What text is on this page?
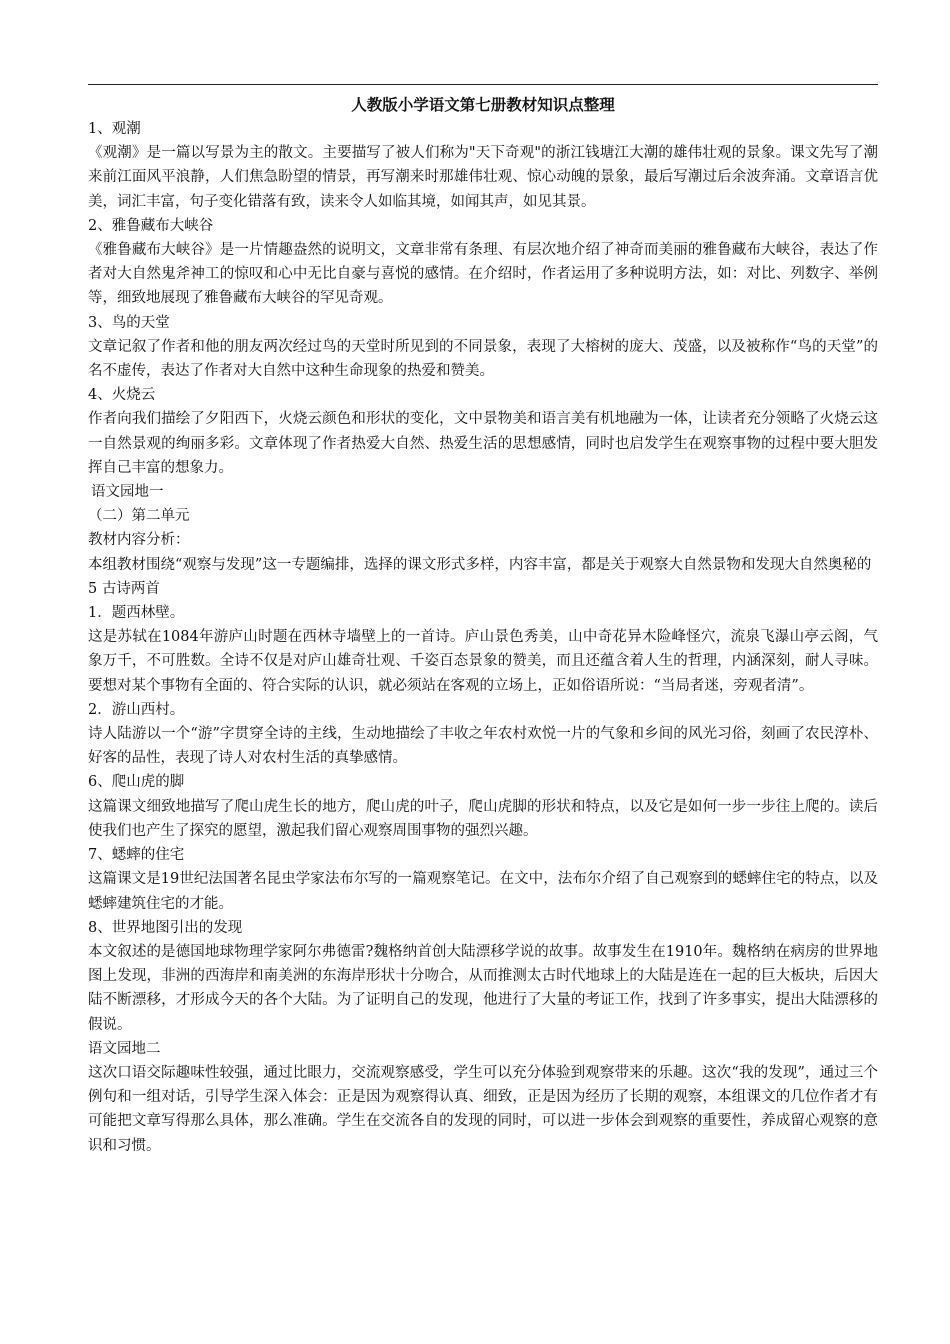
人教版小学语文第七册教材知识点整理
1、观潮
《观潮》是一篇以写景为主的散文。主要描写了被人们称为"天下奇观"的浙江钱塘江大潮的雄伟壮观的景象。课文先写了潮来前江面风平浪静，人们焦急盼望的情景，再写潮来时那雄伟壮观、惊心动魄的景象，最后写潮过后余波奔涌。文章语言优美，词汇丰富，句子变化错落有致，读来令人如临其境，如闻其声，如见其景。
2、雅鲁藏布大峡谷
《雅鲁藏布大峡谷》是一片情趣盎然的说明文，文章非常有条理、有层次地介绍了神奇而美丽的雅鲁藏布大峡谷，表达了作者对大自然鬼斧神工的惊叹和心中无比自豪与喜悦的感情。在介绍时，作者运用了多种说明方法，如：对比、列数字、举例等，细致地展现了雅鲁藏布大峡谷的罕见奇观。
3、鸟的天堂
文章记叙了作者和他的朋友两次经过鸟的天堂时所见到的不同景象，表现了大榕树的庞大、茂盛，以及被称作“鸟的天堂”的名不虚传，表达了作者对大自然中这种生命现象的热爱和赞美。
4、火烧云
作者向我们描绘了夕阳西下，火烧云颜色和形状的变化，文中景物美和语言美有机地融为一体，让读者充分领略了火烧云这一自然景观的绚丽多彩。文章体现了作者热爱大自然、热爱生活的思想感情，同时也启发学生在观察事物的过程中要大胆发挥自己丰富的想象力。
语文园地一
（二）第二单元
教材内容分析：
本组教材围绕“观察与发现”这一专题编排，选择的课文形式多样，内容丰富，都是关于观察大自然景物和发现大自然奥秘的
5 古诗两首
1．题西林壁。
这是苏轼在1084年游庐山时题在西林寺墙壁上的一首诗。庐山景色秀美，山中奇花异木险峰怪穴，流泉飞瀑山亭云阁，气象万千，不可胜数。全诗不仅是对庐山雄奇壮观、千姿百态景象的赞美，而且还蕴含着人生的哲理，内涵深刻，耐人寻味。要想对某个事物有全面的、符合实际的认识，就必须站在客观的立场上，正如俗语所说：“当局者迷，旁观者清”。
2．游山西村。
诗人陆游以一个“游”字贯穿全诗的主线，生动地描绘了丰收之年农村欢悦一片的气象和乡间的风光习俗，刻画了农民淳朴、好客的品性，表现了诗人对农村生活的真挚感情。
6、爬山虎的脚
这篇课文细致地描写了爬山虎生长的地方，爬山虎的叶子，爬山虎脚的形状和特点，以及它是如何一步一步往上爬的。读后使我们也产生了探究的愿望，激起我们留心观察周围事物的强烈兴趣。
7、蟋蟀的住宅
这篇课文是19世纪法国著名昆虫学家法布尔写的一篇观察笔记。在文中，法布尔介绍了自己观察到的蟋蟀住宅的特点，以及蟋蟀建筑住宅的才能。
8、世界地图引出的发现
本文叙述的是德国地球物理学家阿尔弗德雷?魏格纳首创大陆漂移学说的故事。故事发生在1910年。魏格纳在病房的世界地图上发现，非洲的西海岸和南美洲的东海岸形状十分吻合，从而推测太古时代地球上的大陆是连在一起的巨大板块，后因大陆不断漂移，才形成今天的各个大陆。为了证明自己的发现，他进行了大量的考证工作，找到了许多事实，提出大陆漂移的假说。
语文园地二
这次口语交际趣味性较强，通过比眼力，交流观察感受，学生可以充分体验到观察带来的乐趣。这次“我的发现”，通过三个例句和一组对话，引导学生深入体会：正是因为观察得认真、细致，正是因为经历了长期的观察，本组课文的几位作者才有可能把文章写得那么具体，那么准确。学生在交流各自的发现的同时，可以进一步体会到观察的重要性，养成留心观察的意识和习惯。
